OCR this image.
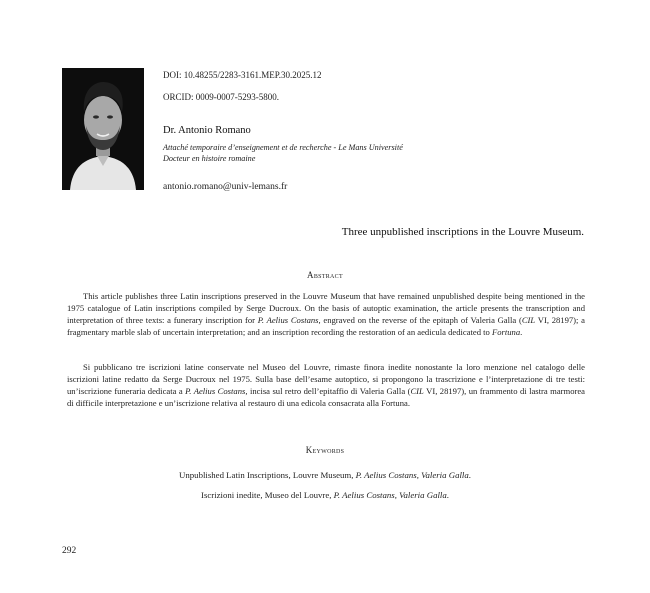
DOI: 10.48255/2283-3161.MEP.30.2025.12
ORCID: 0009-0007-5293-5800.
Dr. Antonio Romano
Attaché temporaire d’enseignement et de recherche - Le Mans Université
Docteur en histoire romaine
antonio.romano@univ-lemans.fr
Three unpublished inscriptions in the Louvre Museum.
Abstract

This article publishes three Latin inscriptions preserved in the Louvre Museum that have remained unpublished despite being mentioned in the 1975 catalogue of Latin inscriptions compiled by Serge Ducroux. On the basis of autoptic examination, the article presents the transcription and interpretation of three texts: a funerary inscription for P. Aelius Costans, engraved on the reverse of the epitaph of Valeria Galla (CIL VI, 28197); a fragmentary marble slab of uncertain interpretation; and an inscription recording the restoration of an aedicula dedicated to Fortuna.

Si pubblicano tre iscrizioni latine conservate nel Museo del Louvre, rimaste finora inedite nonostante la loro menzione nel catalogo delle iscrizioni latine redatto da Serge Ducroux nel 1975. Sulla base dell’esame autoptico, si propongono la trascrizione e l’interpretazione di tre testi: un’iscrizione funeraria dedicata a P. Aelius Costans, incisa sul retro dell’epitaffio di Valeria Galla (CIL VI, 28197), un frammento di lastra marmorea di difficile interpretazione e un’iscrizione relativa al restauro di una edicola consacrata alla Fortuna.

Keywords
Unpublished Latin Inscriptions, Louvre Museum, P. Aelius Costans, Valeria Galla.
Iscrizioni inedite, Museo del Louvre, P. Aelius Costans, Valeria Galla.
292
